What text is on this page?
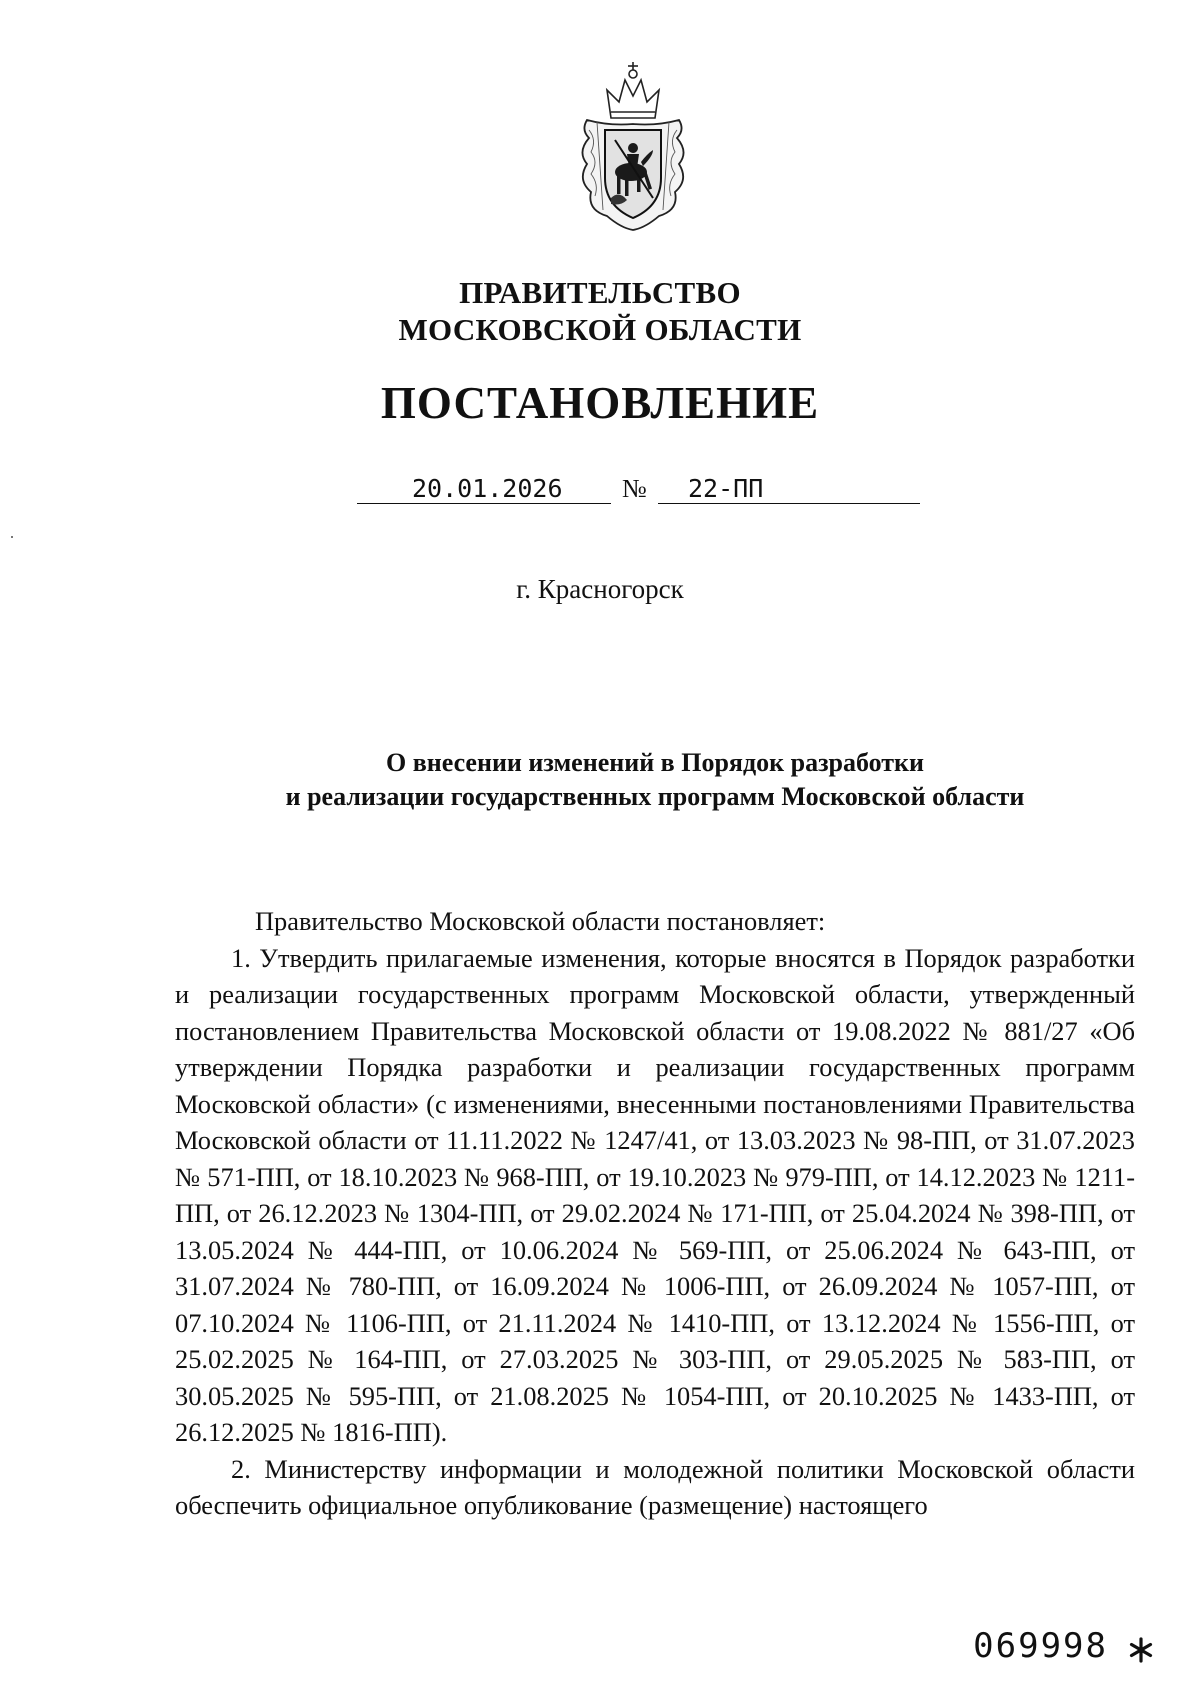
ПРАВИТЕЛЬСТВО
МОСКОВСКОЙ ОБЛАСТИ
ПОСТАНОВЛЕНИЕ
20.01.2026 № 22-ПП
г. Красногорск
О внесении изменений в Порядок разработки
и реализации государственных программ Московской области

Правительство Московской области постановляет:

1. Утвердить прилагаемые изменения, которые вносятся в Порядок разработки и реализации государственных программ Московской области, утвержденный постановлением Правительства Московской области от 19.08.2022 № 881/27 «Об утверждении Порядка разработки и реализации государственных программ Московской области» (с изменениями, внесенными постановлениями Правительства Московской области от 11.11.2022 № 1247/41, от 13.03.2023 № 98-ПП, от 31.07.2023 № 571-ПП, от 18.10.2023 № 968-ПП, от 19.10.2023 № 979-ПП, от 14.12.2023 № 1211-ПП, от 26.12.2023 № 1304-ПП, от 29.02.2024 № 171-ПП, от 25.04.2024 № 398-ПП, от 13.05.2024 № 444-ПП, от 10.06.2024 № 569-ПП, от 25.06.2024 № 643-ПП, от 31.07.2024 № 780-ПП, от 16.09.2024 № 1006-ПП, от 26.09.2024 № 1057-ПП, от 07.10.2024 № 1106-ПП, от 21.11.2024 № 1410-ПП, от 13.12.2024 № 1556-ПП, от 25.02.2025 № 164-ПП, от 27.03.2025 № 303-ПП, от 29.05.2025 № 583-ПП, от 30.05.2025 № 595-ПП, от 21.08.2025 № 1054-ПП, от 20.10.2025 № 1433-ПП, от 26.12.2025 № 1816-ПП).

2. Министерству информации и молодежной политики Московской области обеспечить официальное опубликование (размещение) настоящего

069998
